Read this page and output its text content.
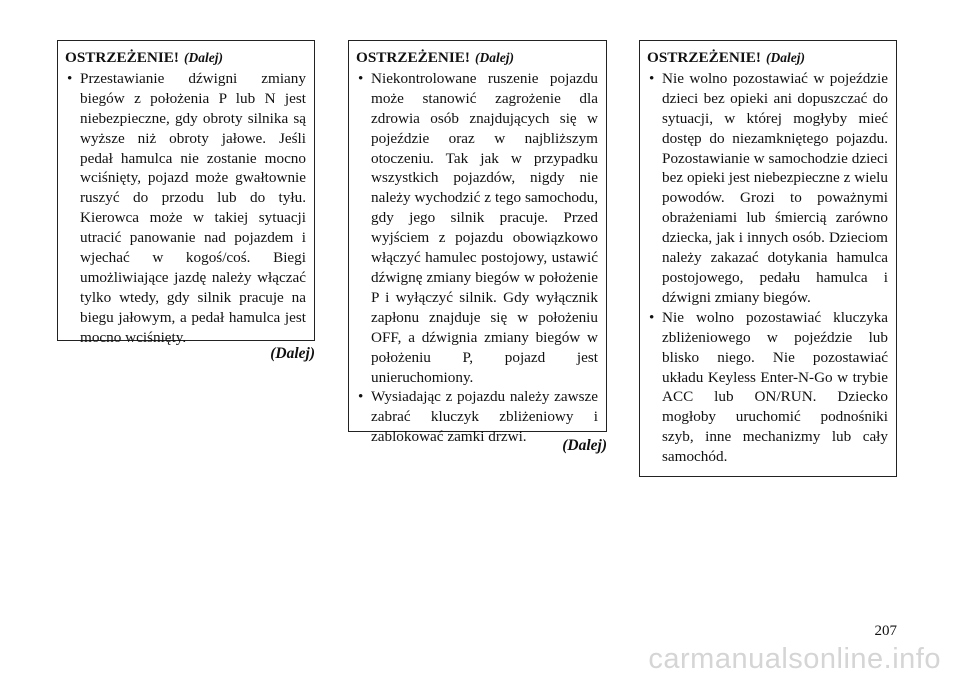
OSTRZEŻENIE! (Dalej)
• Przestawianie dźwigni zmiany biegów z położenia P lub N jest niebezpieczne, gdy obroty silnika są wyższe niż obroty jałowe. Jeśli pedał hamulca nie zostanie mocno wciśnięty, pojazd może gwałtownie ruszyć do przodu lub do tyłu. Kierowca może w takiej sytuacji utracić panowanie nad pojazdem i wjechać w kogoś/coś. Biegi umożliwiające jazdę należy włączać tylko wtedy, gdy silnik pracuje na biegu jałowym, a pedał hamulca jest mocno wciśnięty.
(Dalej)
OSTRZEŻENIE! (Dalej)
• Niekontrolowane ruszenie pojazdu może stanowić zagrożenie dla zdrowia osób znajdujących się w pojeździe oraz w najbliższym otoczeniu. Tak jak w przypadku wszystkich pojazdów, nigdy nie należy wychodzić z tego samochodu, gdy jego silnik pracuje. Przed wyjściem z pojazdu obowiązkowo włączyć hamulec postojowy, ustawić dźwignę zmiany biegów w położenie P i wyłączyć silnik. Gdy wyłącznik zapłonu znajduje się w położeniu OFF, a dźwignia zmiany biegów w położeniu P, pojazd jest unieruchomiony.
• Wysiadając z pojazdu należy zawsze zabrać kluczyk zbliżeniowy i zablokować zamki drzwi.
(Dalej)
OSTRZEŻENIE! (Dalej)
• Nie wolno pozostawiać w pojeździe dzieci bez opieki ani dopuszczać do sytuacji, w której mogłyby mieć dostęp do niezamkniętego pojazdu. Pozostawianie w samochodzie dzieci bez opieki jest niebezpieczne z wielu powodów. Grozi to poważnymi obrażeniami lub śmiercią zarówno dziecka, jak i innych osób. Dzieciom należy zakazać dotykania hamulca postojowego, pedału hamulca i dźwigni zmiany biegów.
• Nie wolno pozostawiać kluczyka zbliżeniowego w pojeździe lub blisko niego. Nie pozostawiać układu Keyless Enter-N-Go w trybie ACC lub ON/RUN. Dziecko mogłoby uruchomić podnośniki szyb, inne mechanizmy lub cały samochód.
207
carmanualsonline.info
